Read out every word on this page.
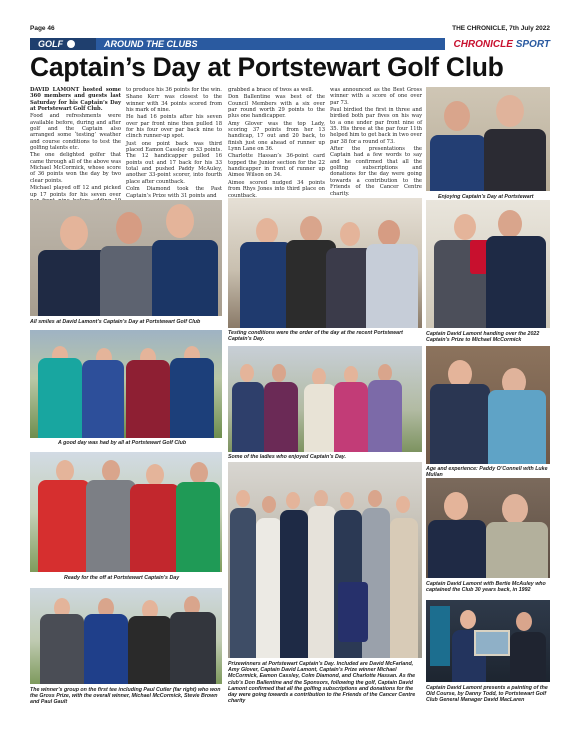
Page 46	THE CHRONICLE, 7th July 2022
GOLF	AROUND THE CLUBS	CHRONICLE SPORT
Captain’s Day at Portstewart Golf Club

DAVID LAMONT hosted some 360 members and guests last Saturday for his Captain’s Day at Portstewart Golf Club.

Food and refreshments were available before, during and after golf and the Captain also arranged some ‘testing’ weather and course conditions to test the golfing talents etc.

The one delighted golfer that came through all of the above was Michael McCormick, whose score of 36 points won the day by two clear points.

Michael played off 12 and picked up 17 points for his seven over

to produce his 36 points for the win.

Shane Kerr was closest to the winner with 34 points scored from his mark of nine.

He had 16 points after his seven over par front nine then pulled 18 for his four over par back nine to clinch runner-up spot.

Just one point back was third placed Eamon Cassley on 33 points. The 12 handicapper pulled 16 points out and 17 back for his 33 total and pushed Paddy McAuley, another 33-point scorer, into fourth place after countback.

Colm Diamond took the Past Captain’s Prize with 31 points and

grabbed a brace of twos as well.

Don Ballentine was best of the Council Members with a six over par round worth 29 points to the plus one handicapper.

Amy Glover was the top Lady, scoring 37 points from her 13 handicap, 17 out and 20 back, to finish just one ahead of runner up Lynn Lane on 36.

Charlotte Hassan’s 36-point card topped the Junior section for the 22 handicapper in front of runner up Aimee Wilson on 34.

Aimee scored nudged 34 points from Rhys Jones into third place on countback.

was announced as the Best Gross winner with a score of one over par 73.

Paul birdied the first in three and birdied both par fives on his way to a one under par front nine of 35. His three at the par four 11th helped him to get back in two over par 38 for a round of 73.

After the presentations the Captain had a few words to say and he confirmed that all the golfing subscriptions and donations for the day were going towards a contribution to the Friends of the Cancer Centre charity.

Enjoying Captain’s Day at Portstewart
All smiles at David Lamont’s Captain’s Day at Portstewart Golf Club
Testing conditions were the order of the day at the recent Portstewart Captain’s Day.
Captain David Lamont handing over the 2022 Captain’s Prize to Michael McCormick
A good day was had by all at Portstewart Golf Club
Some of the ladies who enjoyed Captain’s Day.
Age and experience: Paddy O’Connell with Luke Mullan
Ready for the off at Portstewart Captain’s Day
Prizewinners at Portstewart Captain’s Day. Included are David McFarland, Amy Glover, Captain David Lamont, Captain’s Prize winner Michael McCormick, Eamon Cassley, Colm Diamond, and Charlotte Hassan. As the club’s Don Ballentine and the Sponsors, following the golf, Captain David Lamont confirmed that all the golfing subscriptions and donations for the day were going towards a contribution to the Friends of the Cancer Centre charity
Captain David Lamont with Bertie McAuley who captained the Club 30 years back, in 1992
The winner’s group on the first tee including Paul Cutler (far right) who won the Gross Prize, with the overall winner, Michael McCormick, Stevie Brown and Paul Gault
Captain David Lamont presents a painting of the Old Course, by Danny Todd, to Portstewart Golf Club General Manager David MacLaren
